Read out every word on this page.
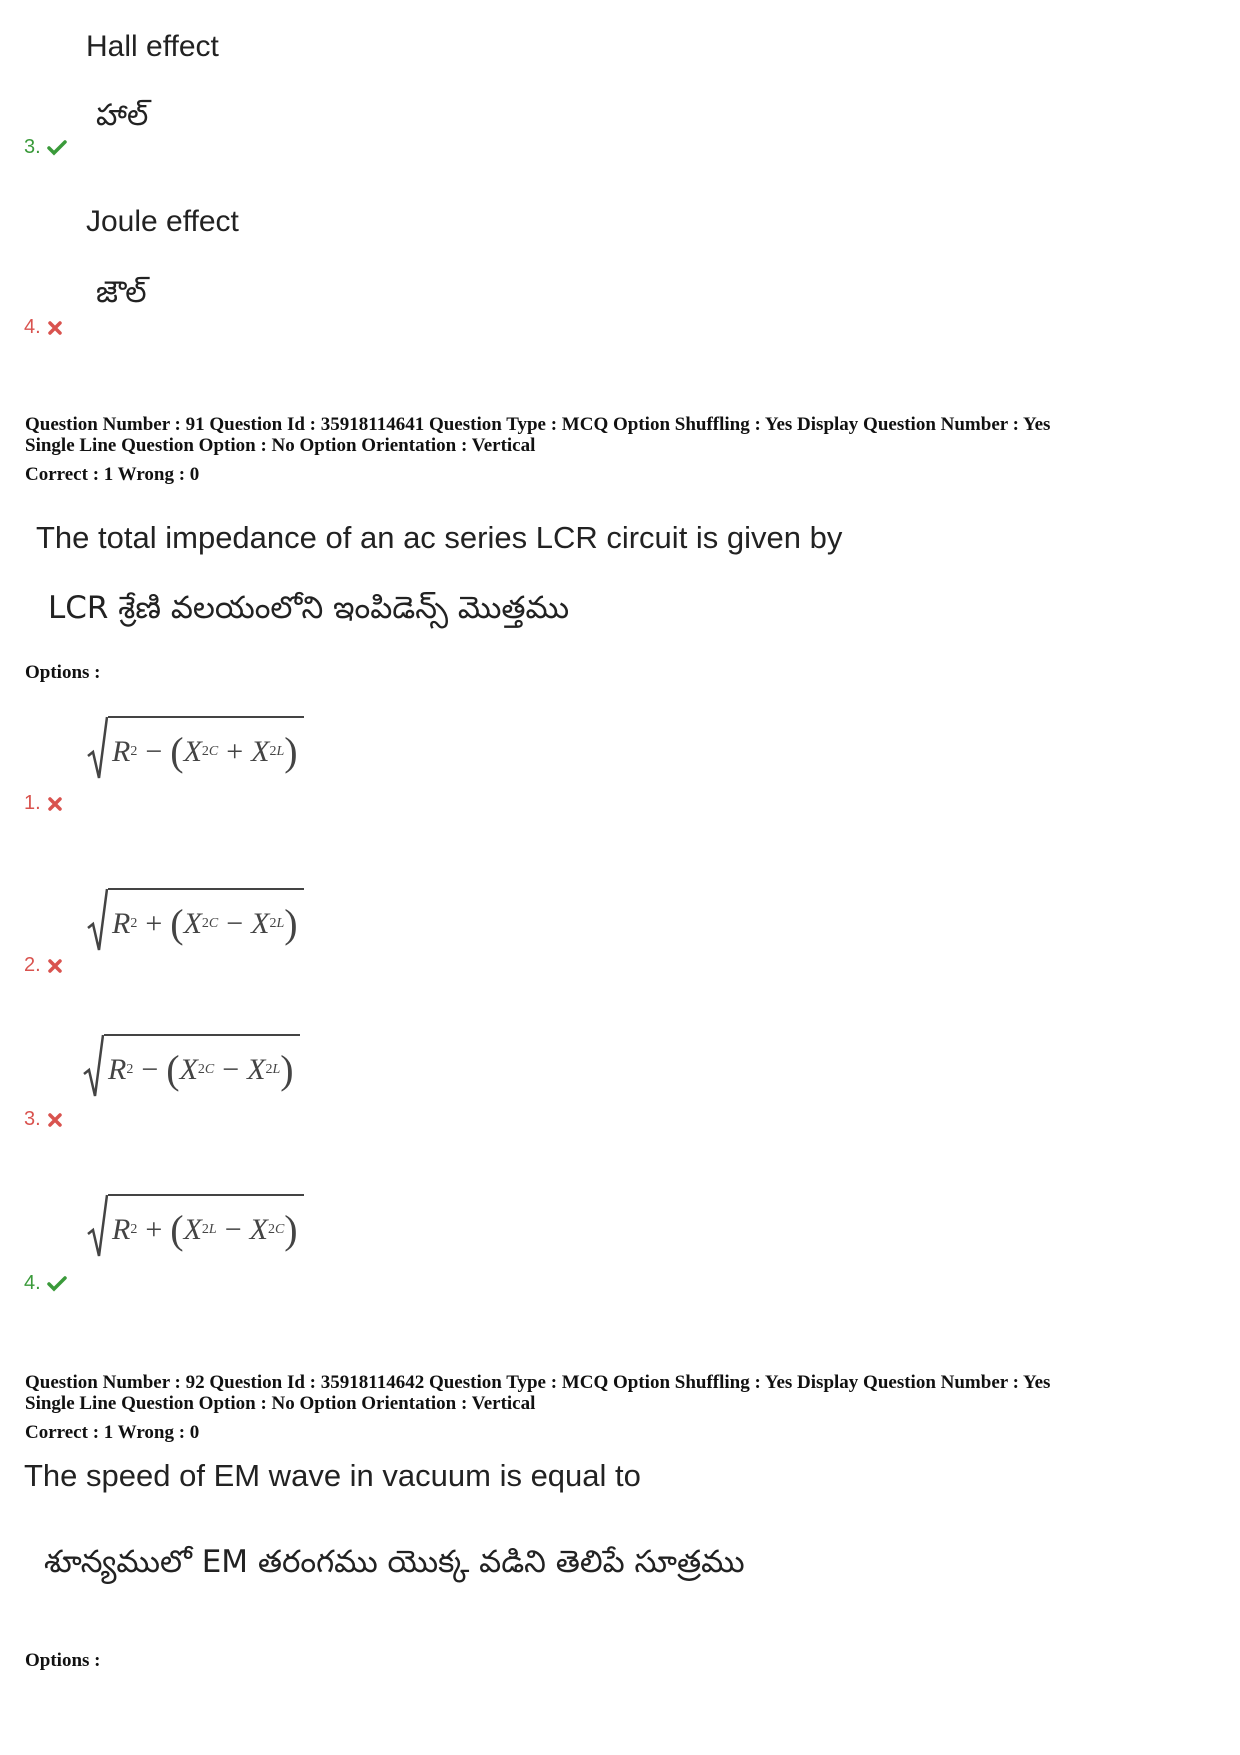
Hall effect
హాల్
3.
Joule effect
జౌల్
4.
Question Number : 91 Question Id : 35918114641 Question Type : MCQ Option Shuffling : Yes Display Question Number : Yes
Single Line Question Option : No Option Orientation : Vertical
Correct : 1 Wrong : 0
The total impedance of an ac series LCR circuit is given by
LCR శ్రేణి వలయంలోని ఇంపిడెన్స్ మొత్తము
Options :
R 2 − ( X 2 C + X 2 L )
1.
R 2 + ( X 2 C − X 2 L )
2.
R 2 − ( X 2 C − X 2 L )
3.
R 2 + ( X 2 L − X 2 C )
4.
Question Number : 92 Question Id : 35918114642 Question Type : MCQ Option Shuffling : Yes Display Question Number : Yes
Single Line Question Option : No Option Orientation : Vertical
Correct : 1 Wrong : 0
The speed of EM wave in vacuum is equal to
శూన్యములో EM తరంగము యొక్క వడిని తెలిపే సూత్రము
Options :
